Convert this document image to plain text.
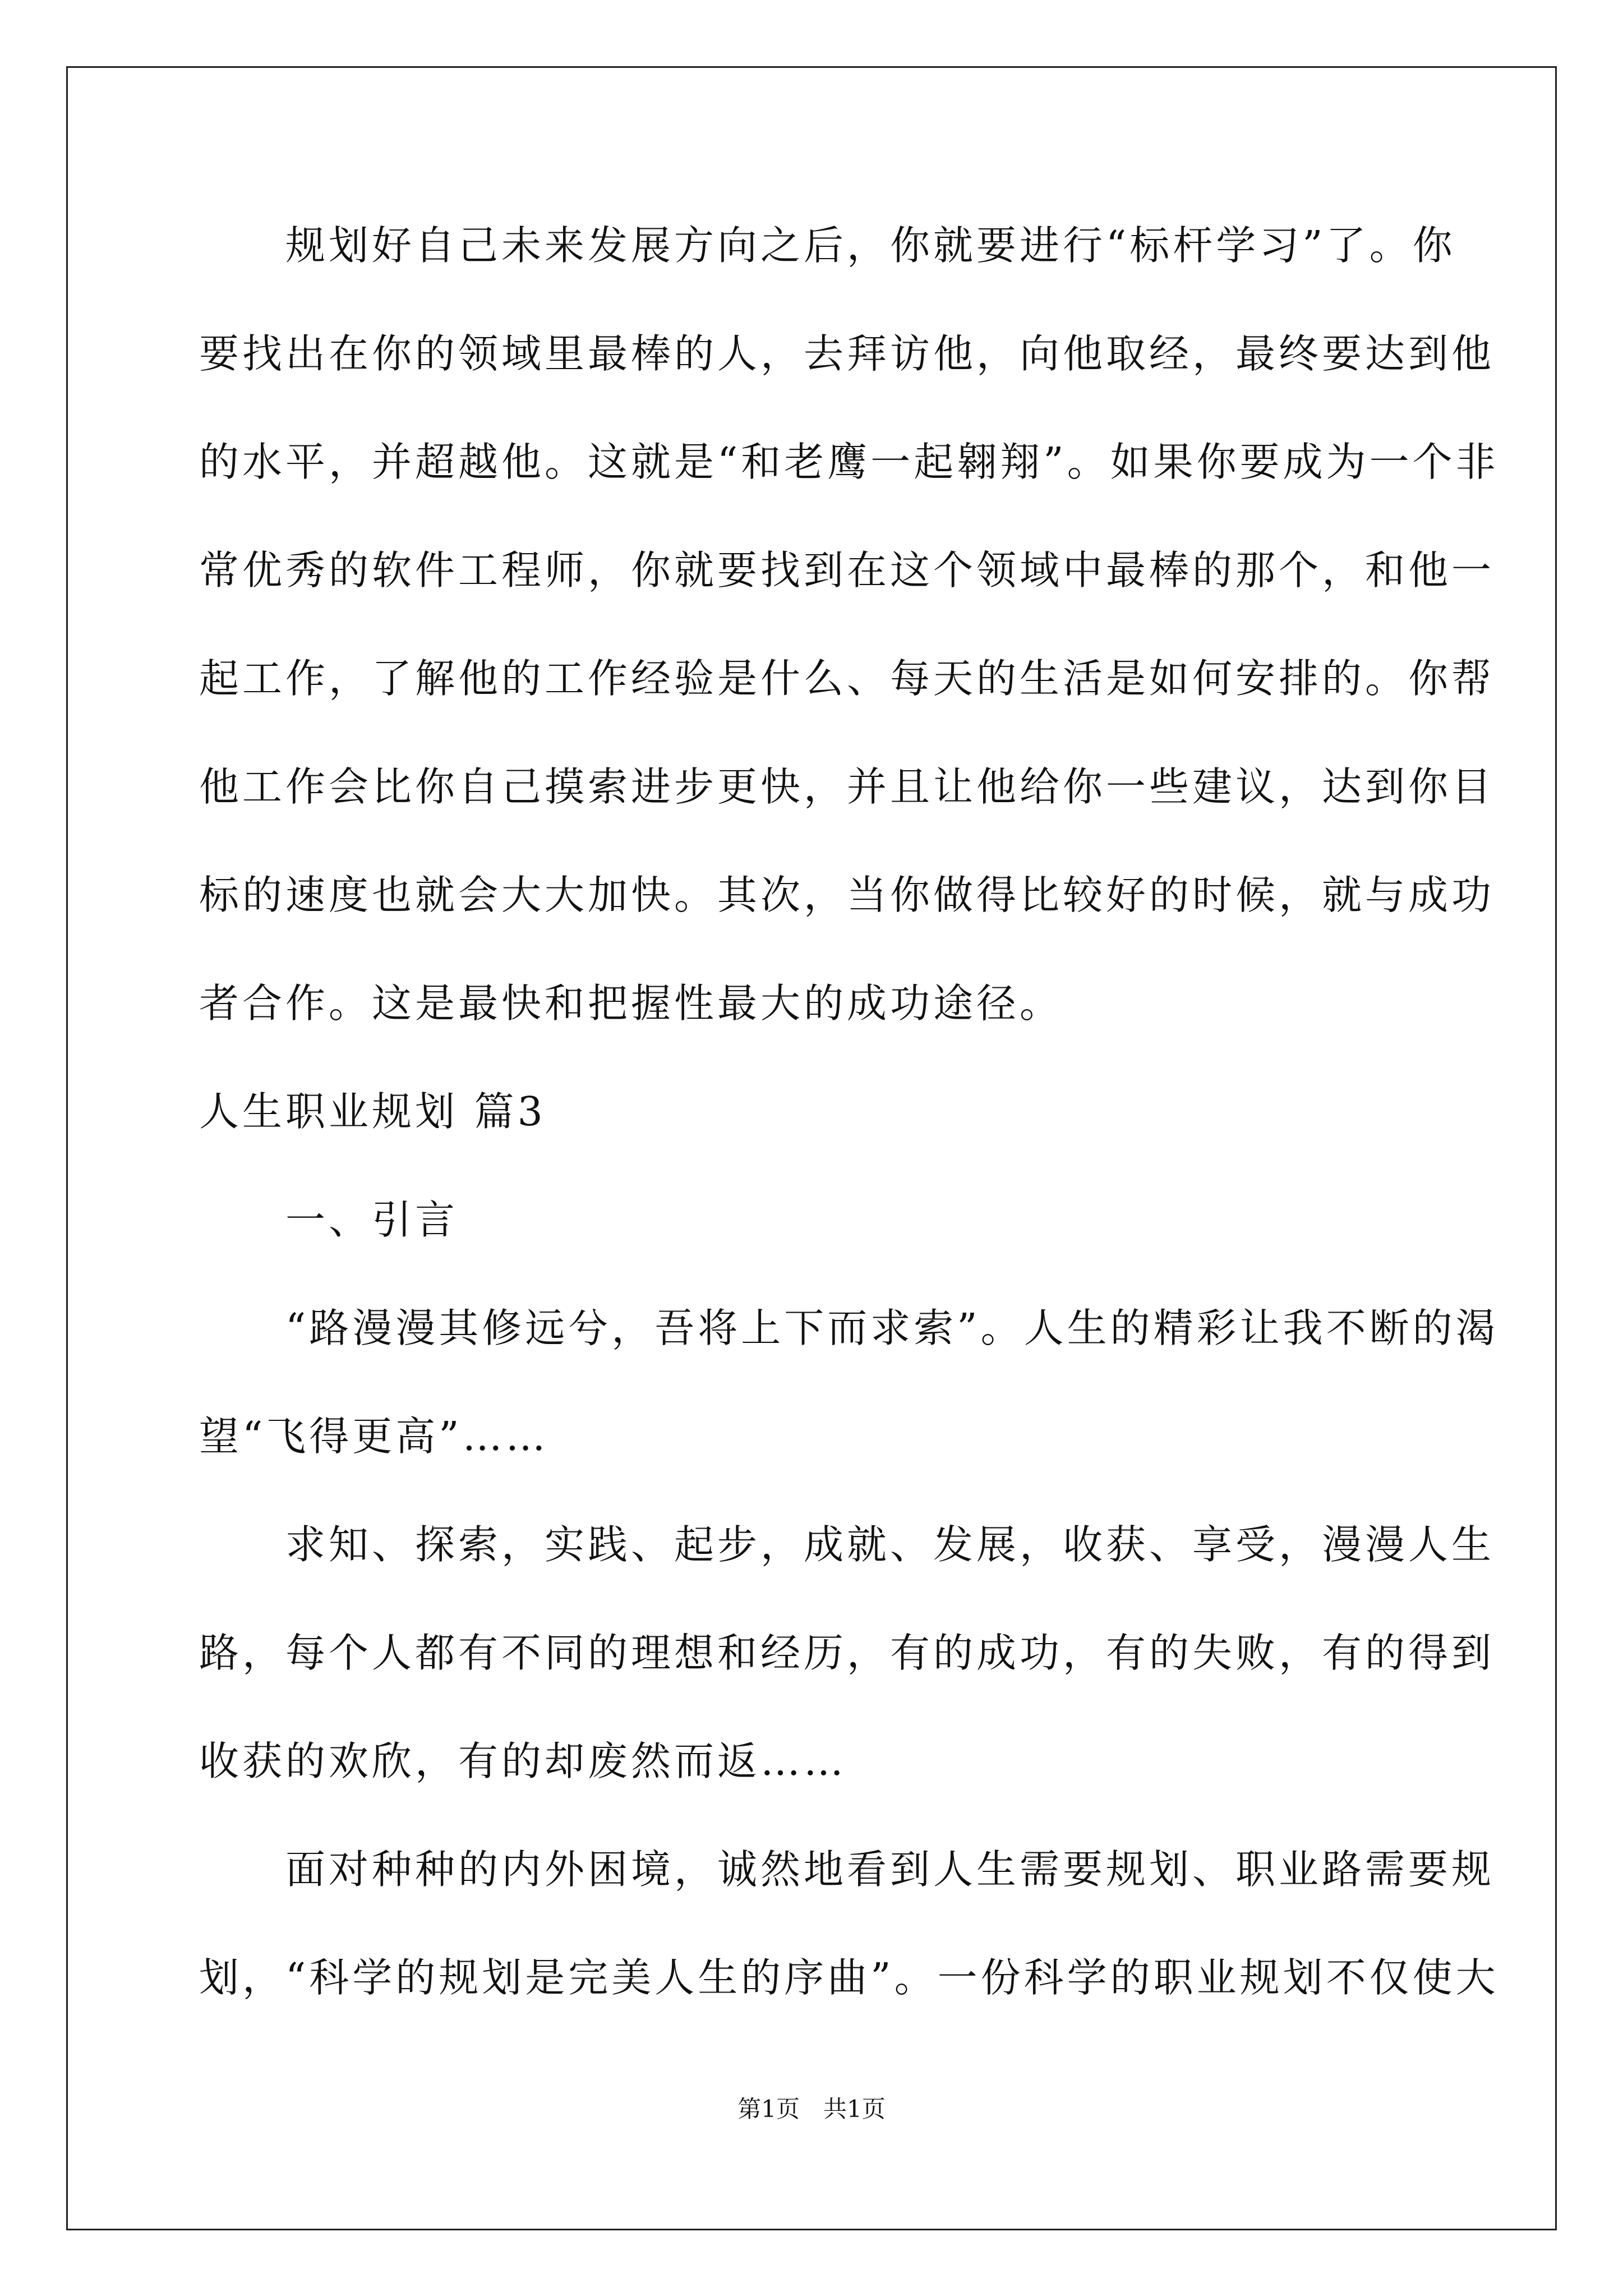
　　规划好自己未来发展方向之后，你就要进行“标杆学习”了。你
要找出在你的领域里最棒的人，去拜访他，向他取经，最终要达到他
的水平，并超越他。这就是“和老鹰一起翱翔”。如果你要成为一个非
常优秀的软件工程师，你就要找到在这个领域中最棒的那个，和他一
起工作，了解他的工作经验是什么、每天的生活是如何安排的。你帮
他工作会比你自己摸索进步更快，并且让他给你一些建议，达到你目
标的速度也就会大大加快。其次，当你做得比较好的时候，就与成功
者合作。这是最快和把握性最大的成功途径。
人生职业规划 篇3
　　一、引言
　　“路漫漫其修远兮，吾将上下而求索”。人生的精彩让我不断的渴
望“飞得更高”……
　　求知、探索，实践、起步，成就、发展，收获、享受，漫漫人生
路，每个人都有不同的理想和经历，有的成功，有的失败，有的得到
收获的欢欣，有的却废然而返……
　　面对种种的内外困境，诚然地看到人生需要规划、职业路需要规
划，“科学的规划是完美人生的序曲”。一份科学的职业规划不仅使大
第1页　共1页
